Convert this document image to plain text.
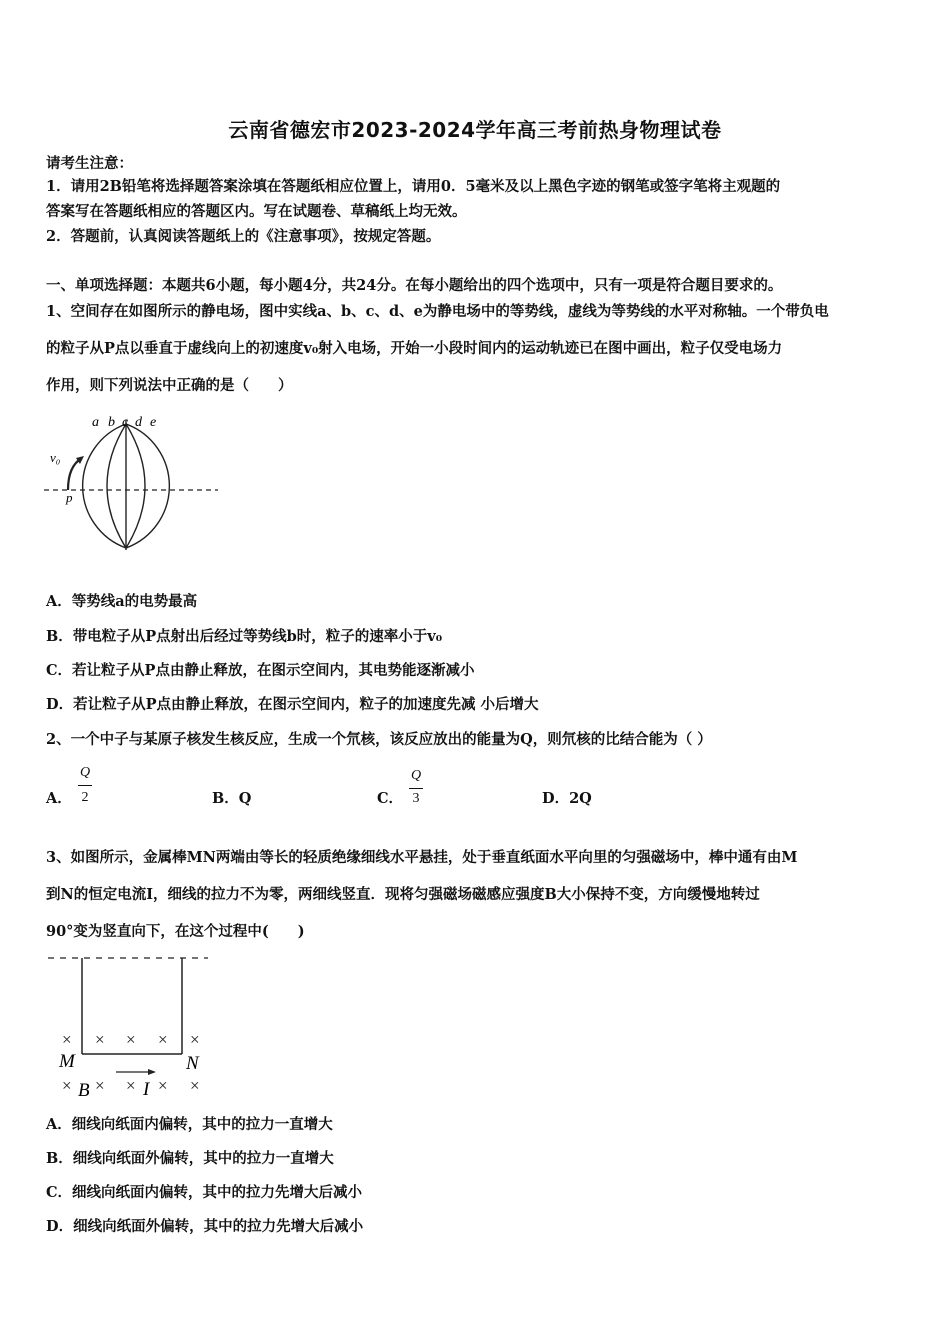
云南省德宏市2023-2024学年高三考前热身物理试卷
请考生注意：
1．请用2B铅笔将选择题答案涂填在答题纸相应位置上，请用0．5毫米及以上黑色字迹的钢笔或签字笔将主观题的
答案写在答题纸相应的答题区内。写在试题卷、草稿纸上均无效。
2．答题前，认真阅读答题纸上的《注意事项》，按规定答题。
一、单项选择题：本题共6小题，每小题4分，共24分。在每小题给出的四个选项中，只有一项是符合题目要求的。
1、空间存在如图所示的静电场，图中实线a、b、c、d、e为静电场中的等势线，虚线为等势线的水平对称轴。一个带负电
的粒子从P点以垂直于虚线向上的初速度v₀射入电场，开始一小段时间内的运动轨迹已在图中画出，粒子仅受电场力
作用，则下列说法中正确的是（　　）
a b c d e
v₀
p
A．等势线a的电势最高
B．带电粒子从P点射出后经过等势线b时，粒子的速率小于v₀
C．若让粒子从P点由静止释放，在图示空间内，其电势能逐渐减小
D．若让粒子从P点由静止释放，在图示空间内，粒子的加速度先减 小后增大
2、一个中子与某原子核发生核反应，生成一个氘核，该反应放出的能量为Q，则氘核的比结合能为（ ）
A．
Q
2	B．Q	C．
Q
3	D．2Q
3、如图所示，金属棒MN两端由等长的轻质绝缘细线水平悬挂，处于垂直纸面水平向里的匀强磁场中，棒中通有由M
到N的恒定电流I，细线的拉力不为零，两细线竖直．现将匀强磁场磁感应强度B大小保持不变，方向缓慢地转过
90°变为竖直向下，在这个过程中(　　)
× × × × ×
× × × × ×
M	N
B	I
A．细线向纸面内偏转，其中的拉力一直增大
B．细线向纸面外偏转，其中的拉力一直增大
C．细线向纸面内偏转，其中的拉力先增大后减小
D．细线向纸面外偏转，其中的拉力先增大后减小
